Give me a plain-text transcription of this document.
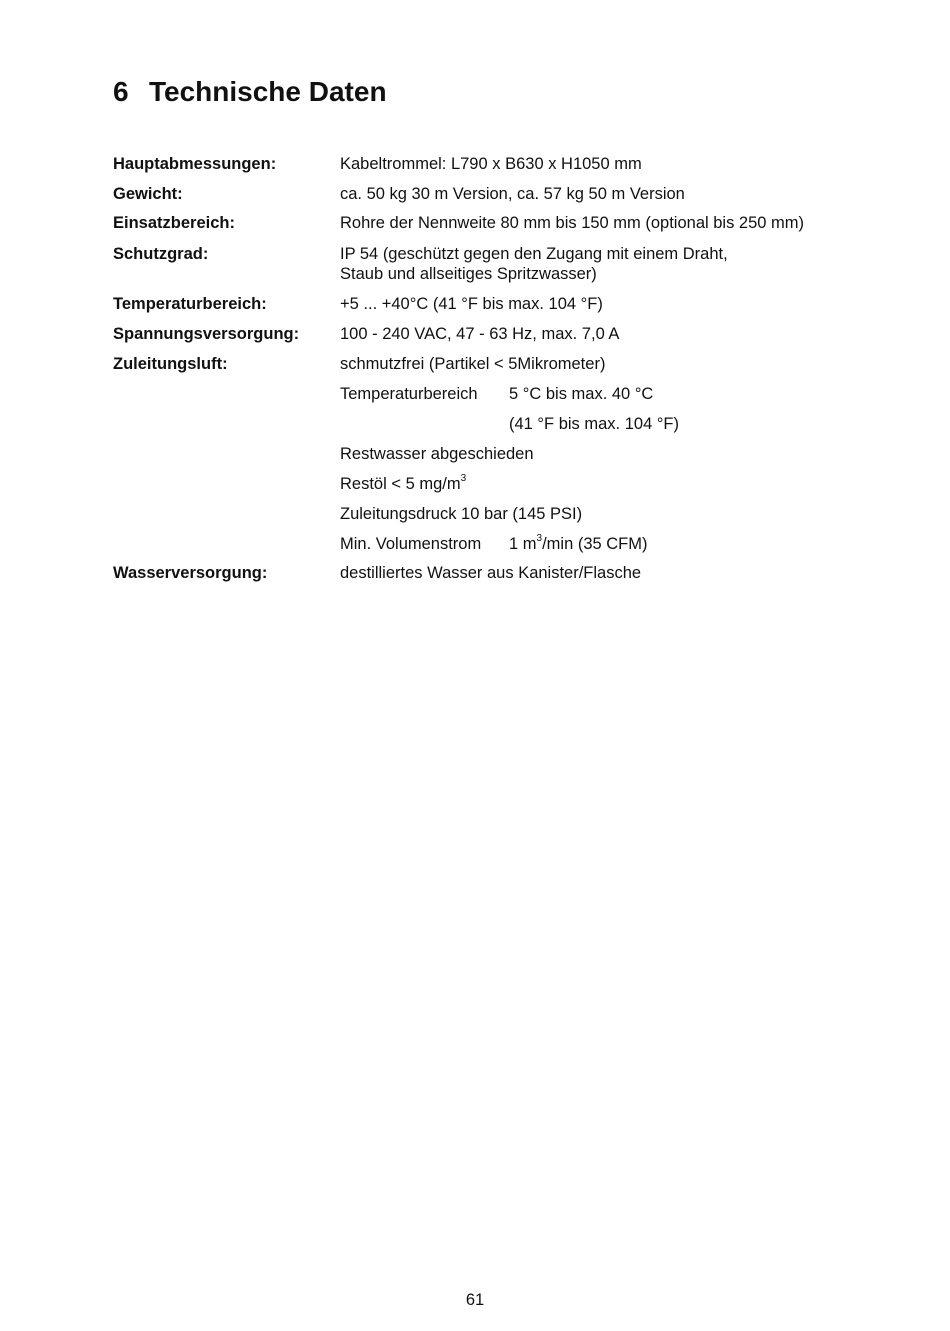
6 Technische Daten
Hauptabmessungen:	Kabeltrommel: L790 x B630 x H1050 mm
Gewicht:	ca. 50 kg 30 m Version, ca. 57 kg 50 m Version
Einsatzbereich:	Rohre der Nennweite 80 mm bis 150 mm (optional bis 250 mm)
Schutzgrad:	IP 54 (geschützt gegen den Zugang mit einem Draht,
Staub und allseitiges Spritzwasser)
Temperaturbereich:	+5 ... +40°C (41 °F bis max. 104 °F)
Spannungsversorgung: 100 - 240 VAC, 47 - 63 Hz, max. 7,0 A
Zuleitungsluft:	schmutzfrei (Partikel < 5Mikrometer)
Temperaturbereich 5 °C bis max. 40 °C
(41 °F bis max. 104 °F)
Restwasser abgeschieden
Restöl < 5 $mg/m^3$
Zuleitungsdruck 10 bar (145 PSI)
Min. Volumenstrom 1 $m^3/\min$ (35 CFM)
Wasserversorgung:	destilliertes Wasser aus Kanister/Flasche
61
